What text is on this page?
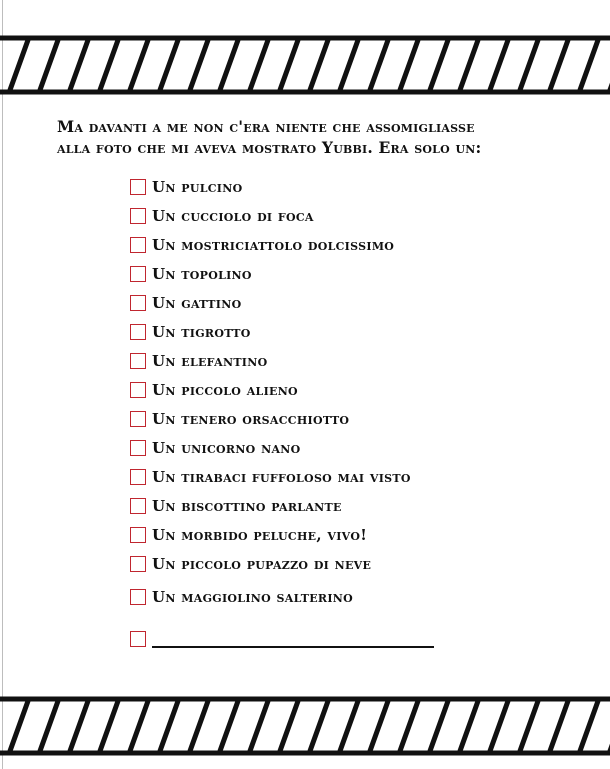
Ma davanti a me non c'era niente che assomigliasse
alla foto che mi aveva mostrato Yubbi. Era solo un:

Un pulcino
Un cucciolo di foca
Un mostriciattolo dolcissimo
Un topolino
Un gattino
Un tigrotto
Un elefantino
Un piccolo alieno
Un tenero orsacchiotto
Un unicorno nano
Un tirabaci fuffoloso mai visto
Un biscottino parlante
Un morbido peluche, vivo!
Un piccolo pupazzo di neve
Un maggiolino salterino
